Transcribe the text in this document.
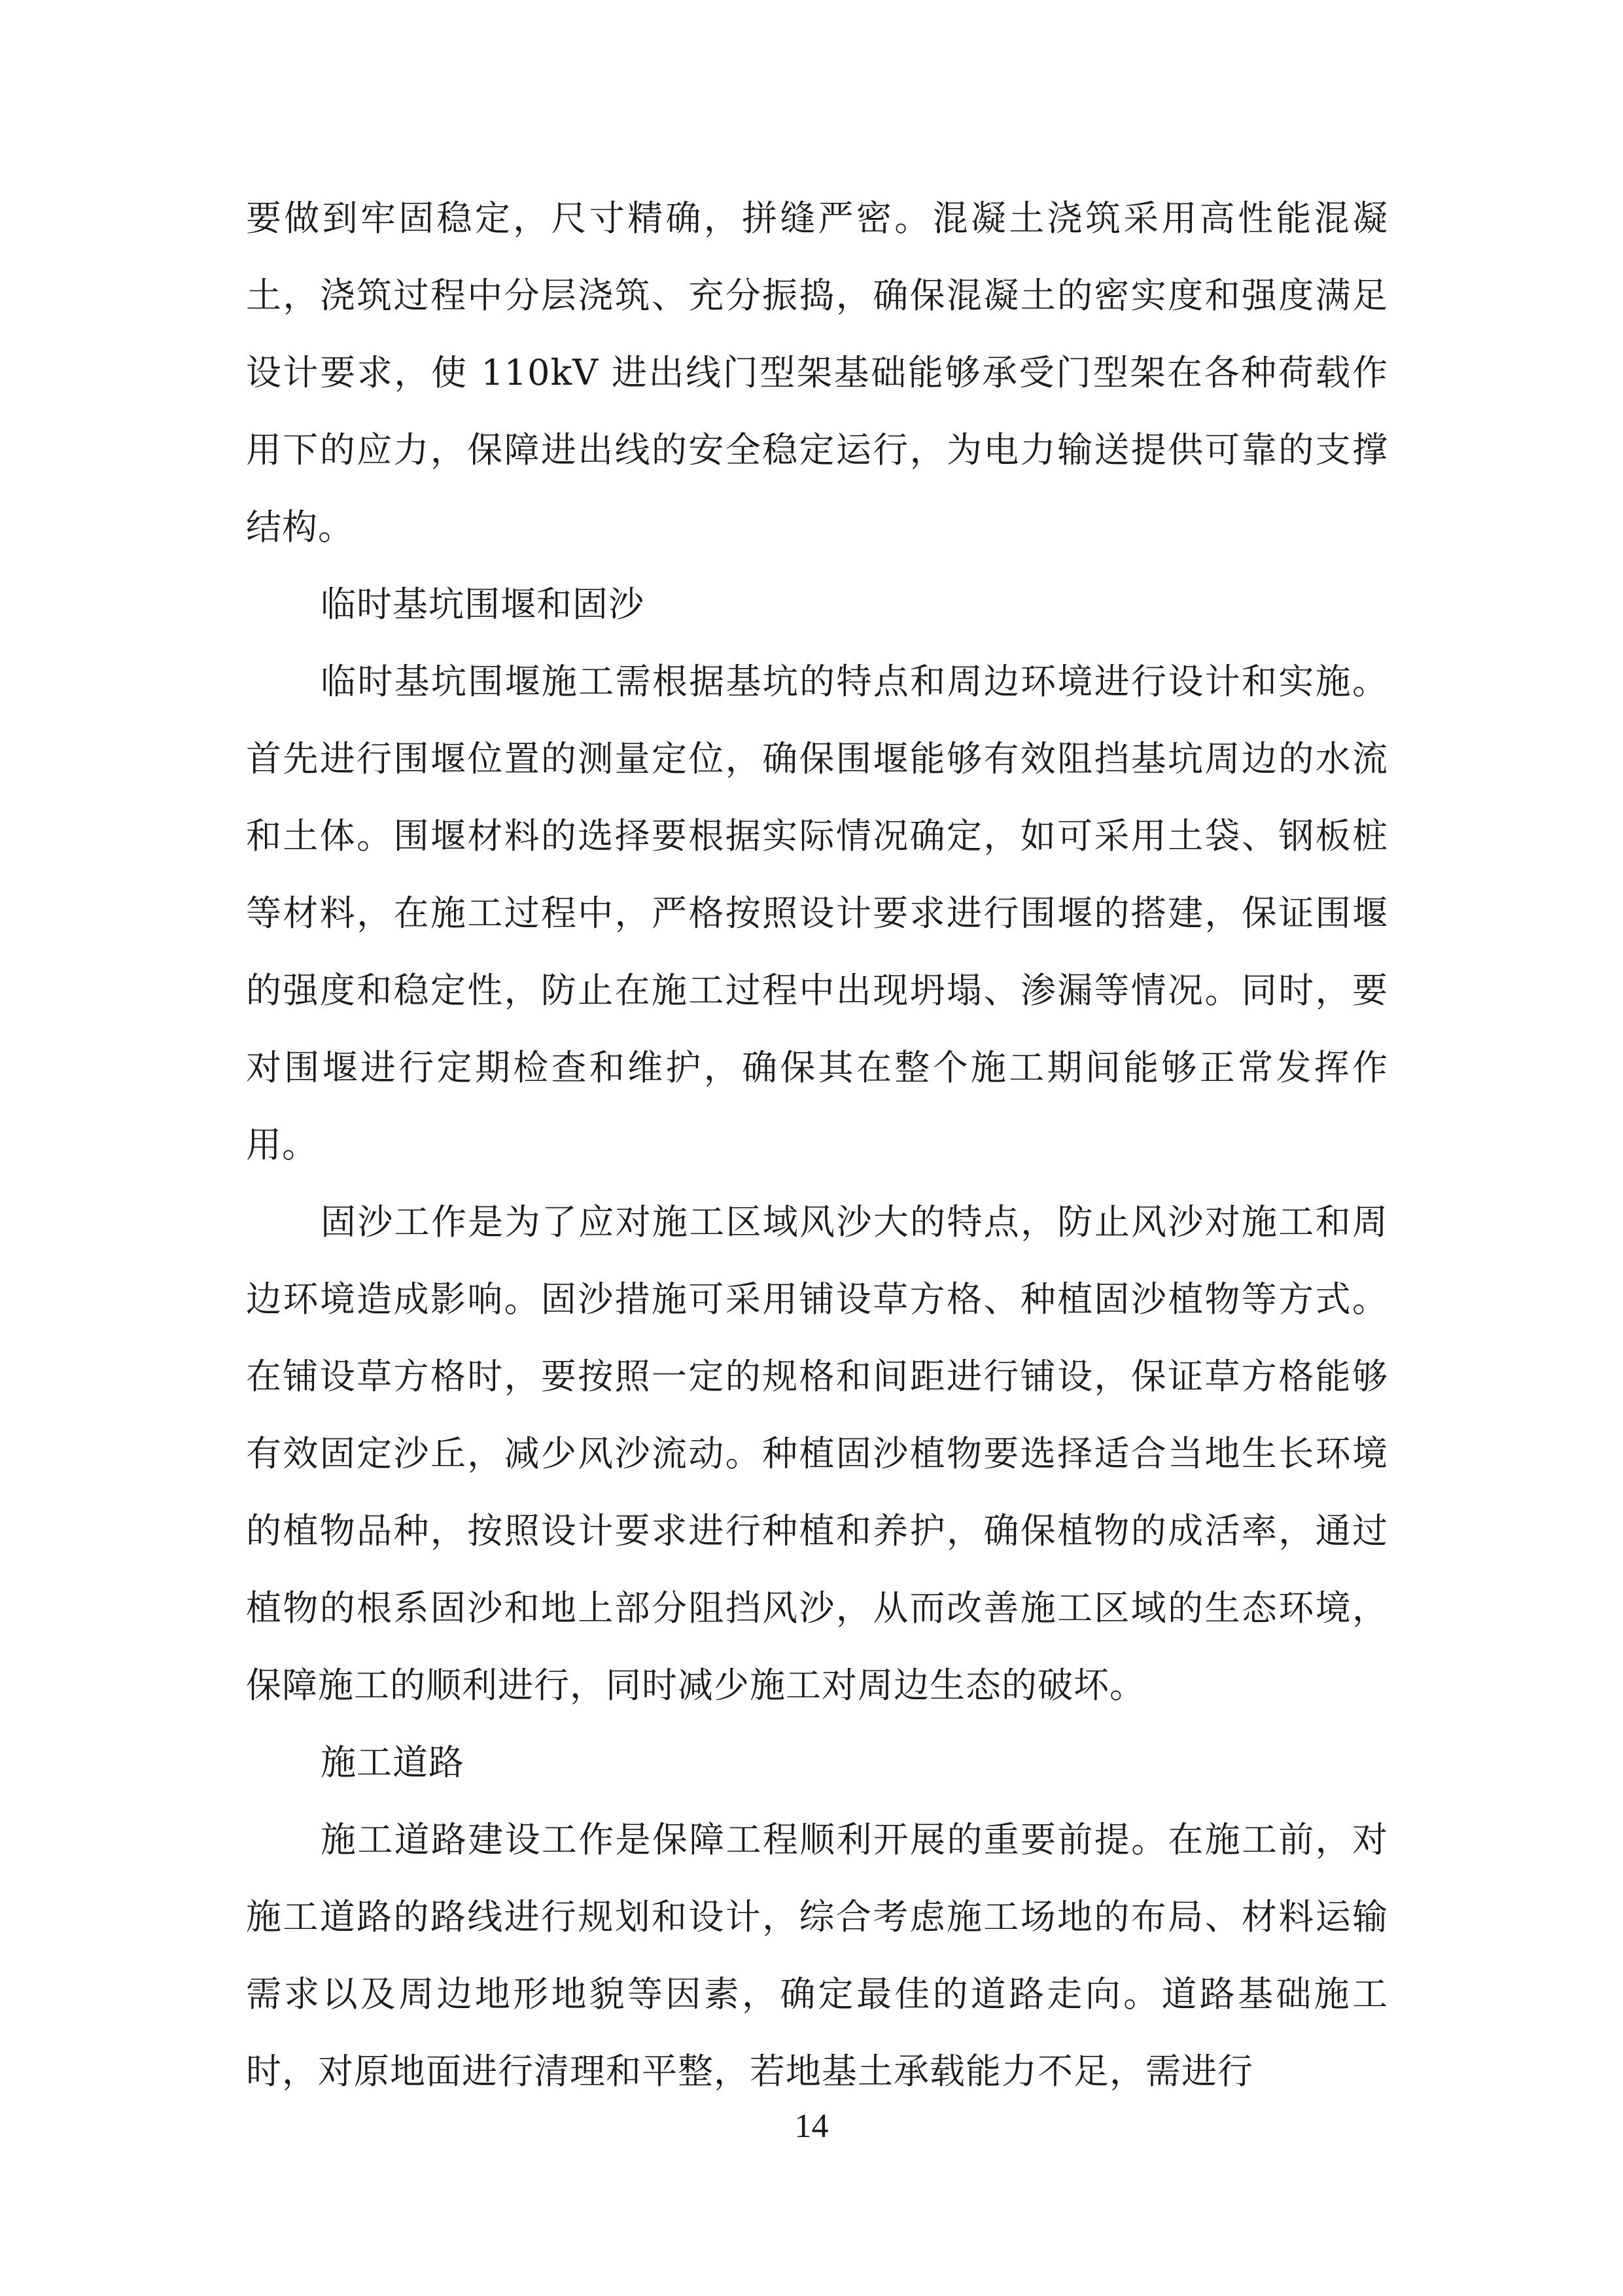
要做到牢固稳定，尺寸精确，拼缝严密。混凝土浇筑采用高性能混凝土，浇筑过程中分层浇筑、充分振捣，确保混凝土的密实度和强度满足设计要求，使 110kV 进出线门型架基础能够承受门型架在各种荷载作用下的应力，保障进出线的安全稳定运行，为电力输送提供可靠的支撑结构。

临时基坑围堰和固沙

临时基坑围堰施工需根据基坑的特点和周边环境进行设计和实施。首先进行围堰位置的测量定位，确保围堰能够有效阻挡基坑周边的水流和土体。围堰材料的选择要根据实际情况确定，如可采用土袋、钢板桩等材料，在施工过程中，严格按照设计要求进行围堰的搭建，保证围堰的强度和稳定性，防止在施工过程中出现坍塌、渗漏等情况。同时，要对围堰进行定期检查和维护，确保其在整个施工期间能够正常发挥作用。

固沙工作是为了应对施工区域风沙大的特点，防止风沙对施工和周边环境造成影响。固沙措施可采用铺设草方格、种植固沙植物等方式。在铺设草方格时，要按照一定的规格和间距进行铺设，保证草方格能够有效固定沙丘，减少风沙流动。种植固沙植物要选择适合当地生长环境的植物品种，按照设计要求进行种植和养护，确保植物的成活率，通过植物的根系固沙和地上部分阻挡风沙，从而改善施工区域的生态环境，保障施工的顺利进行，同时减少施工对周边生态的破坏。

施工道路

施工道路建设工作是保障工程顺利开展的重要前提。在施工前，对施工道路的路线进行规划和设计，综合考虑施工场地的布局、材料运输需求以及周边地形地貌等因素，确定最佳的道路走向。道路基础施工时，对原地面进行清理和平整，若地基土承载能力不足，需进行

14
